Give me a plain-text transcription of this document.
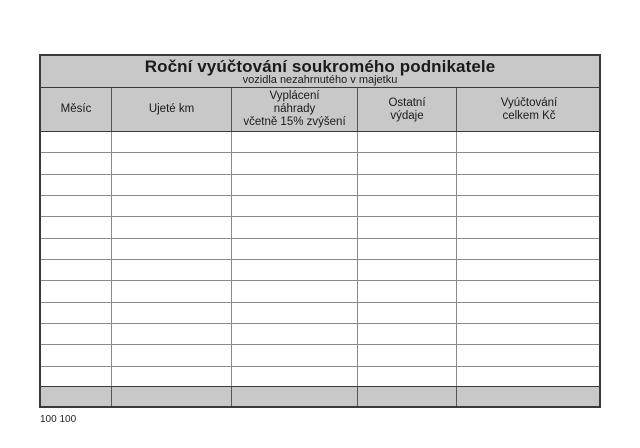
Roční vyúčtování soukromého podnikatele
vozidla nezahrnutého v majetku
Měsíc	Ujeté km
Vyplácení
náhrady
včetně 15% zvýšení
Ostatní
výdaje
Vyúčtování
celkem Kč
100 100
